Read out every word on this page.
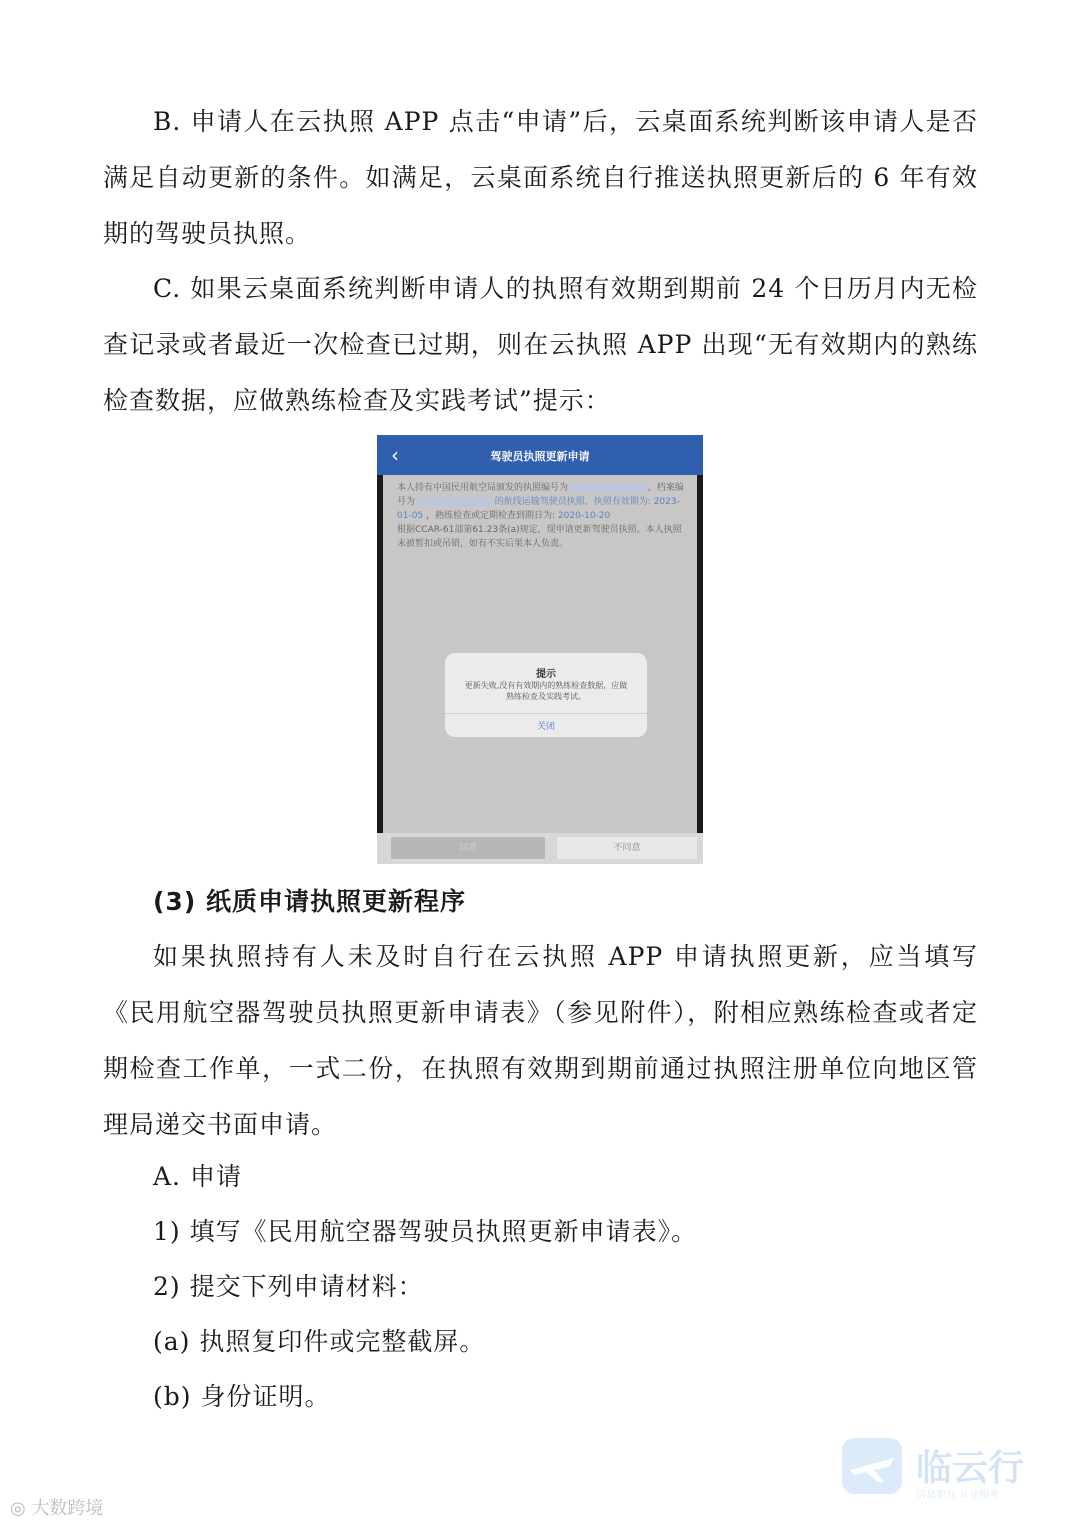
B. 申请人在云执照 APP 点击“申请”后，云桌面系统判断该申请人是否满足自动更新的条件。如满足，云桌面系统自行推送执照更新后的 6 年有效期的驾驶员执照。

C. 如果云桌面系统判断申请人的执照有效期到期前 24 个日历月内无检查记录或者最近一次检查已过期，则在云执照 APP 出现“无有效期内的熟练检查数据，应做熟练检查及实践考试”提示：

‹	驾驶员执照更新申请
本人持有中国民用航空局颁发的执照编号为	，档案编号为	的航线运输驾驶员执照，执照有效期为: 2023-01-05 ，熟练检查或定期检查到期日为: 2020-10-20
根据CCAR-61部第61.23条(a)规定，现申请更新驾驶员执照。本人执照未被暂扣或吊销，如有不实后果本人负责。
提示
更新失败,没有有效期内的熟练检查数据，应做熟练检查及实践考试。
关闭
同意	不同意

(3) 纸质申请执照更新程序

如果执照持有人未及时自行在云执照 APP 申请执照更新，应当填写《民用航空器驾驶员执照更新申请表》（参见附件），附相应熟练检查或者定期检查工作单，一式二份，在执照有效期到期前通过执照注册单位向地区管理局递交书面申请。

A. 申请

1) 填写《民用航空器驾驶员执照更新申请表》。

2) 提交下列申请材料：

(a) 执照复印件或完整截屏。

(b) 身份证明。

临云行
信息职业 从业服务
◎ 大数跨境
